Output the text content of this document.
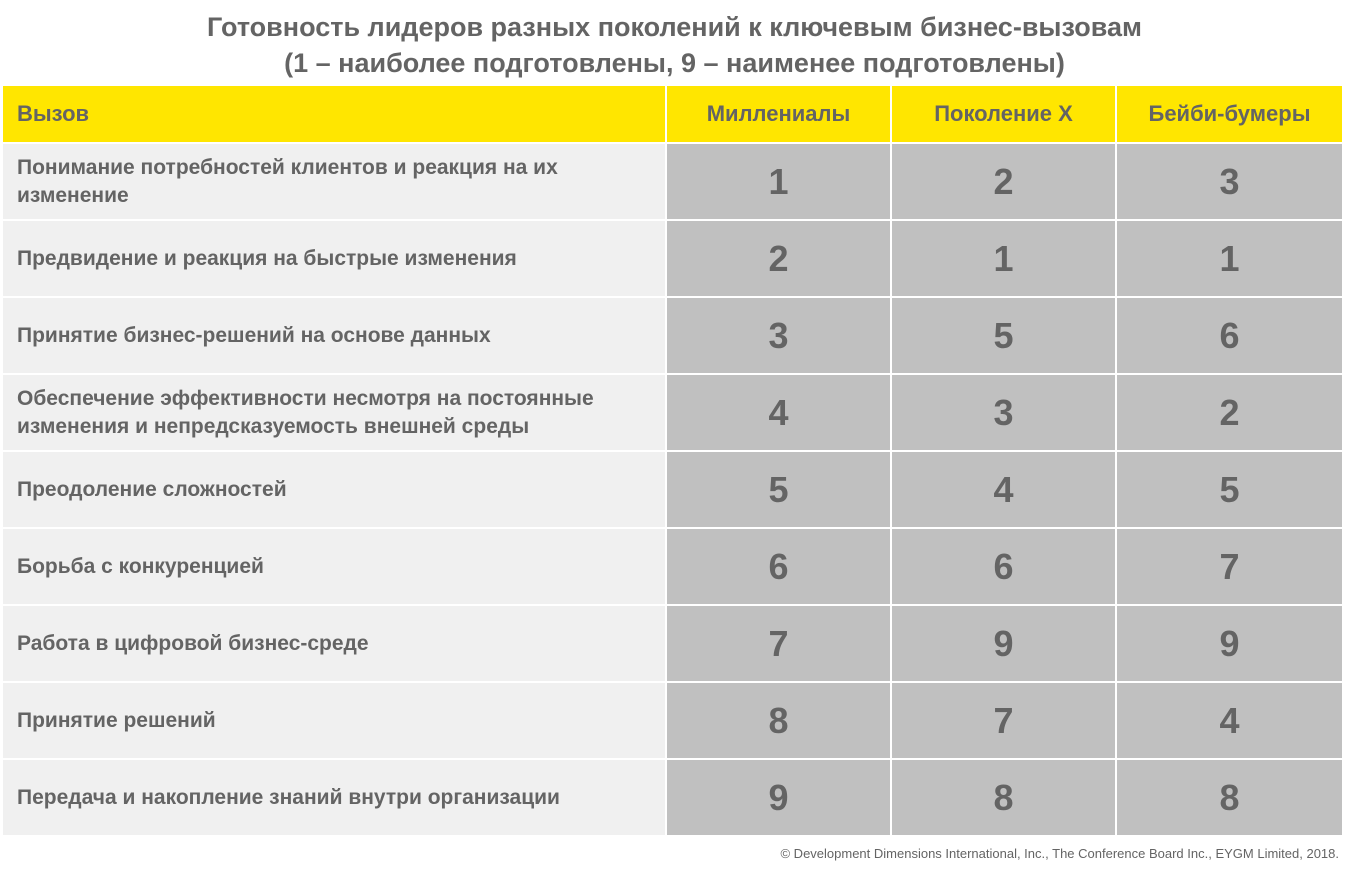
Готовность лидеров разных поколений к ключевым бизнес-вызовам
(1 – наиболее подготовлены, 9 – наименее подготовлены)
Вызов	Миллениалы	Поколение X	Бейби-бумеры
Понимание потребностей клиентов и реакция на их изменение	1	2	3
Предвидение и реакция на быстрые изменения	2	1	1
Принятие бизнес-решений на основе данных	3	5	6
Обеспечение эффективности несмотря на постоянные изменения и непредсказуемость внешней среды	4	3	2
Преодоление сложностей	5	4	5
Борьба с конкуренцией	6	6	7
Работа в цифровой бизнес-среде	7	9	9
Принятие решений	8	7	4
Передача и накопление знаний внутри организации	9	8	8
© Development Dimensions International, Inc., The Conference Board Inc., EYGM Limited, 2018.
